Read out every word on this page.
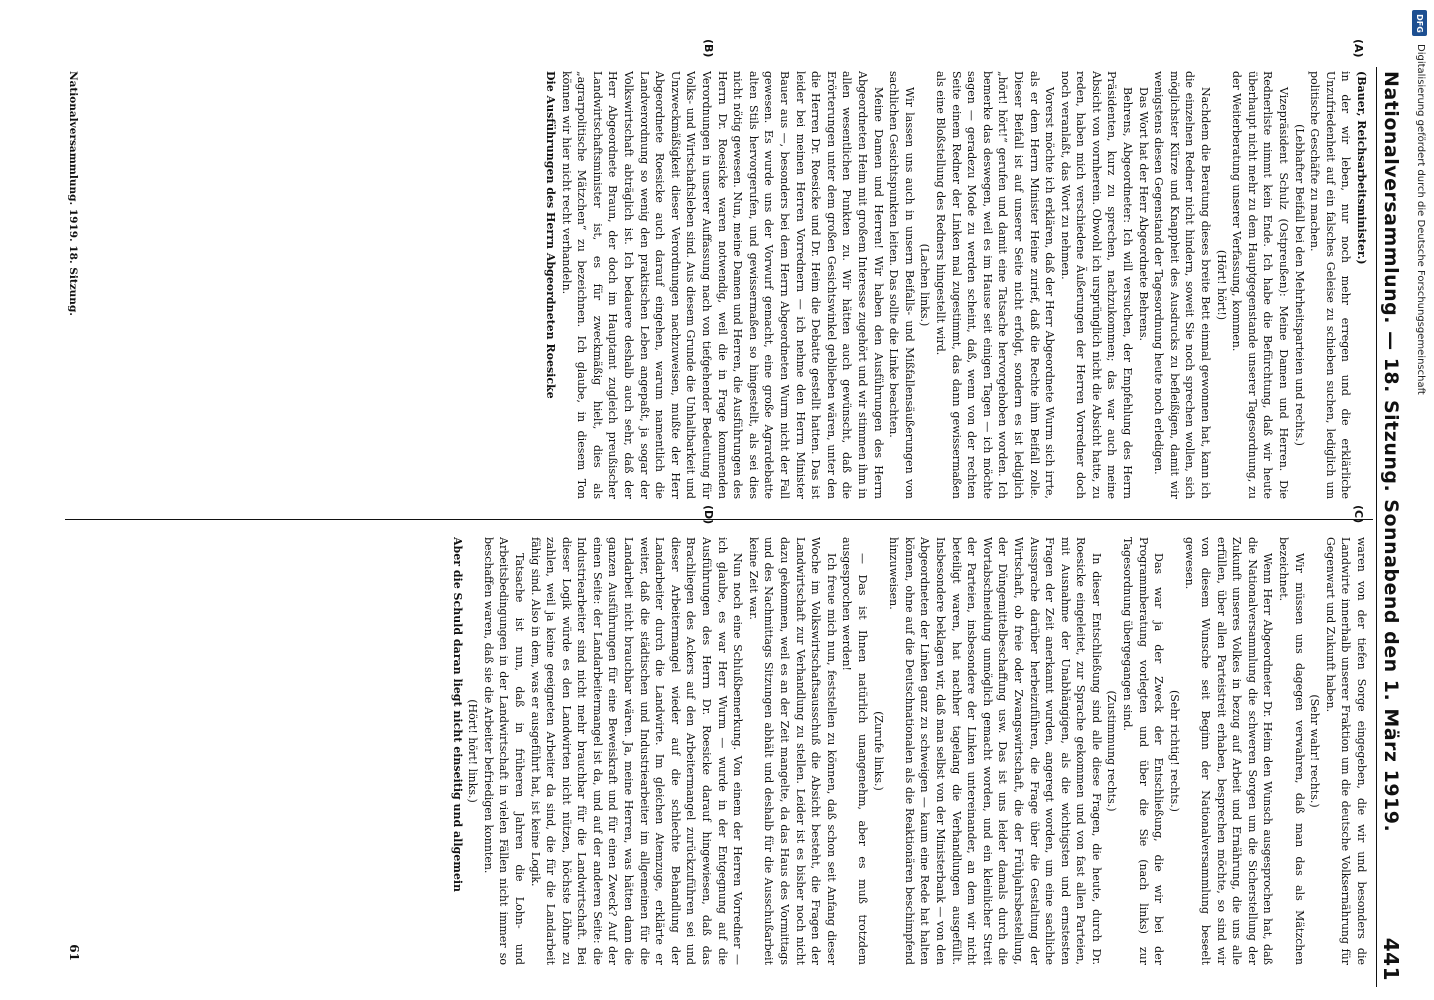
Nationalversammlung. — 18. Sitzung. Sonnabend den 1. März 1919.
441
(A)
(B)
(C)
(D)

(Bauer, Reichsarbeitsminister.)

in der wir leben, nur noch mehr erregen und die erklärliche Unzufriedenheit auf ein falsches Geleise zu schieben suchen, lediglich um politische Geschäfte zu machen.

(Lebhafter Beifall bei den Mehrheitsparteien und rechts.)

Vizepräsident Schulz (Ostpreußen): Meine Damen und Herren. Die Rednerliste nimmt kein Ende. Ich habe die Befürchtung, daß wir heute überhaupt nicht mehr zu dem Hauptgegenstande unserer Tagesordnung, zu der Weiterberatung unserer Verfassung, kommen.

(Hört! hört!)

Nachdem die Beratung dieses breite Bett einmal gewonnen hat, kann ich die einzelnen Redner nicht hindern, soweit Sie noch sprechen wollen, sich möglichster Kürze und Knappheit des Ausdrucks zu befleißigen, damit wir wenigstens diesen Gegenstand der Tagesordnung heute noch erledigen.

Das Wort hat der Herr Abgeordnete Behrens.

Behrens, Abgeordneter: Ich will versuchen, der Empfehlung des Herrn Präsidenten, kurz zu sprechen, nachzukommen; das war auch meine Absicht von vornherein. Obwohl ich ursprünglich nicht die Absicht hatte, zu reden, haben mich verschiedene Äußerungen der Herren Vorredner doch noch veranlaßt, das Wort zu nehmen.

Vorerst möchte ich erklären, daß der Herr Abgeordnete Wurm sich irrte, als er dem Herrn Minister Heine zurief, daß die Rechte ihm Beifall zolle. Dieser Beifall ist auf unserer Seite nicht erfolgt, sondern es ist lediglich „hört! hört!“ gerufen und damit eine Tatsache hervorgehoben worden. Ich bemerke das deswegen, weil es im Hause seit einigen Tagen — ich möchte sagen — geradezu Mode zu werden scheint, daß, wenn von der rechten Seite einem Redner der Linken mal zugestimmt, das dann gewissermaßen als eine Bloßstellung des Redners hingestellt wird.

(Lachen links.)

Wir lassen uns auch in unsern Beifalls- und Mißfallensäußerungen von sachlichen Gesichtspunkten leiten. Das sollte die Linke beachten.

Meine Damen und Herren! Wir haben den Ausführungen des Herrn Abgeordneten Heim mit großem Interesse zugehört und wir stimmen ihm in allen wesentlichen Punkten zu. Wir hätten auch gewünscht, daß die Erörterungen unter dem großen Gesichtswinkel geblieben wären, unter den die Herren Dr. Roesicke und Dr. Heim die Debatte gestellt hatten. Das ist leider bei meinen Herren Vorrednern — ich nehme den Herrn Minister Bauer aus —, besonders bei dem Herrn Abgeordneten Wurm nicht der Fall gewesen. Es wurde uns der Vorwurf gemacht, eine große Agrardebatte alten Stils hervorgerufen, und gewissermaßen so hingestellt, als sei dies nicht nötig gewesen. Nun, meine Damen und Herren, die Ausführungen des Herrn Dr. Roesicke waren notwendig, weil die in Frage kommenden Verordnungen in unserer Auffassung nach von tiefgehender Bedeutung für Volks- und Wirtschaftsleben sind. Aus diesem Grunde die Unhaltbarkeit und Unzweckmäßigkeit dieser Verordnungen nachzuweisen, mußte der Herr Abgeordnete Roesicke auch darauf eingehen, warum namentlich die Landverordnung so wenig den praktischen Leben angepaßt, ja sogar der Volkswirtschaft abträglich ist. Ich bedauere deshalb auch sehr, daß der Herr Abgeordnete Braun, der doch im Hauptamt zugleich preußischer Landwirtschaftsminister ist, es für zweckmäßig hielt, dies als „agrarpolitische Mätzchen“ zu bezeichnen. Ich glaube, in diesem Ton können wir hier nicht recht verhandeln.

Die Ausführungen des Herrn Abgeordneten Roesicke

waren von der tiefen Sorge eingegeben, die wir und besonders die Landwirte innerhalb unserer Fraktion um die deutsche Volksernährung für Gegenwart und Zukunft haben.

(Sehr wahr! rechts.)

Wir müssen uns dagegen verwahren, daß man das als Mätzchen bezeichnet.

Wenn Herr Abgeordneter Dr. Heim den Wunsch ausgesprochen hat, daß die Nationalversammlung die schweren Sorgen um die Sicherstellung der Zukunft unseres Volkes in bezug auf Arbeit und Ernährung, die uns alle erfüllen, über allen Parteistreit erhaben, besprechen möchte, so sind wir von diesem Wunsche seit Beginn der Nationalversammlung beseelt gewesen.

(Sehr richtig! rechts.)

Das war ja der Zweck der Entschließung, die wir bei der Programmberatung vorlegten und über die Sie (nach links) zur Tagesordnung übergegangen sind.

(Zustimmung rechts.)

In dieser Entschließung sind alle diese Fragen, die heute, durch Dr. Roesicke eingeleitet, zur Sprache gekommen und von fast allen Parteien, mit Ausnahme der Unabhängigen, als die wichtigsten und ernstesten Fragen der Zeit anerkannt wurden, angeregt worden, um eine sachliche Aussprache darüber herbeizuführen, die Frage über die Gestaltung der Wirtschaft, ob freie oder Zwangswirtschaft, die der Frühjahrsbestellung, der Düngemittelbeschaffung usw. Das ist uns leider damals durch die Wortabschneidung unmöglich gemacht worden, und ein kleinlicher Streit der Parteien, insbesondere der Linken untereinander, an dem wir nicht beteiligt waren, hat nachher tagelang die Verhandlungen ausgefüllt. Insbesondere beklagen wir, daß man selbst von der Ministerbank — von den Abgeordneten der Linken ganz zu schweigen — kaum eine Rede hat halten können, ohne auf die Deutschnationalen als die Reaktionären beschimpfend hinzuweisen.

(Zurufe links.)

— Das ist Ihnen natürlich unangenehm, aber es muß trotzdem ausgesprochen werden!

Ich freue mich nun, feststellen zu können, daß schon seit Anfang dieser Woche im Volkswirtschaftsausschuß die Absicht besteht, die Fragen der Landwirtschaft zur Verhandlung zu stellen. Leider ist es bisher noch nicht dazu gekommen, weil es an der Zeit mangelte, da das Haus des Vormittags und des Nachmittags Sitzungen abhält und deshalb für die Ausschußarbeit keine Zeit war.

Nun noch eine Schlußbemerkung. Von einem der Herren Vorredner — ich glaube, es war Herr Wurm — wurde in der Entgegnung auf die Ausführungen des Herrn Dr. Roesicke darauf hingewiesen, daß das Brachliegen des Ackers auf den Arbeitermangel zurückzuführen sei und dieser Arbeitermangel wieder auf die schlechte Behandlung der Landarbeiter durch die Landwirte. Im gleichen Atemzuge, erklärte er weiter, daß die städtischen und Industriearbeiter im allgemeinen für die Landarbeit nicht brauchbar wären. Ja, meine Herren, was hätten dann die ganzen Ausführungen für eine Beweiskraft und für einen Zweck? Auf der einen Seite: der Landarbeitermangel ist da, und auf der anderen Seite: die Industriearbeiter sind nicht mehr brauchbar für die Landwirtschaft. Bei dieser Logik würde es den Landwirten nicht nützen, höchste Löhne zu zahlen, weil ja keine geeigneten Arbeiter da sind, die für die Landarbeit fähig sind. Also in dem, was er ausgeführt hat, ist keine Logik.

Tatsache ist nun, daß in früheren Jahren die Lohn- und Arbeitsbedingungen in der Landwirtschaft in vielen Fällen nicht immer so beschaffen waren, daß sie die Arbeiter befriedigen konnten.

(Hört! hört! links.)

Aber die Schuld daran liegt nicht einseitig und allgemein

Nationalversammlung. 1919. 18. Sitzung.
61
DFG
Digitalisierung gefördert durch die Deutsche Forschungsgemeinschaft
